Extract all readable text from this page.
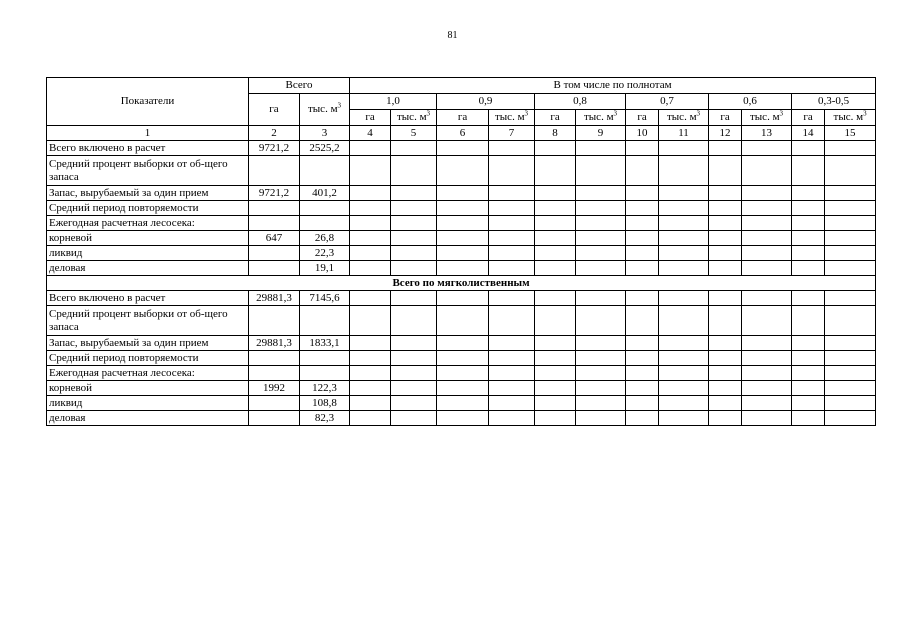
81
Показатели	Всего		В том числе по полнотам											
	га	тыс. $м^3$	1,0		0,9		0,8		0,7		0,6		0,3-0,5	
			га	тыс. $м^3$	га	тыс. $м^3$	га	тыс. $м^3$	га	тыс. $м^3$	га	тыс. $м^3$	га	тыс. $м^3$
1	2	3	4	5	6	7	8	9	10	11	12	13	14	15
Всего включено в расчет	9721,2	2525,2												
Средний процент выборки от об-щего запаса														
Запас, вырубаемый за один прием	9721,2	401,2												
Средний период повторяемости														
Ежегодная расчетная лесосека:														
корневой	647	26,8												
ликвид		22,3												
деловая		19,1												
Всего по мягколиственным														
Всего включено в расчет	29881,3	7145,6												
Средний процент выборки от об-щего запаса														
Запас, вырубаемый за один прием	29881,3	1833,1												
Средний период повторяемости														
Ежегодная расчетная лесосека:														
корневой	1992	122,3												
ликвид		108,8												
деловая		82,3												
